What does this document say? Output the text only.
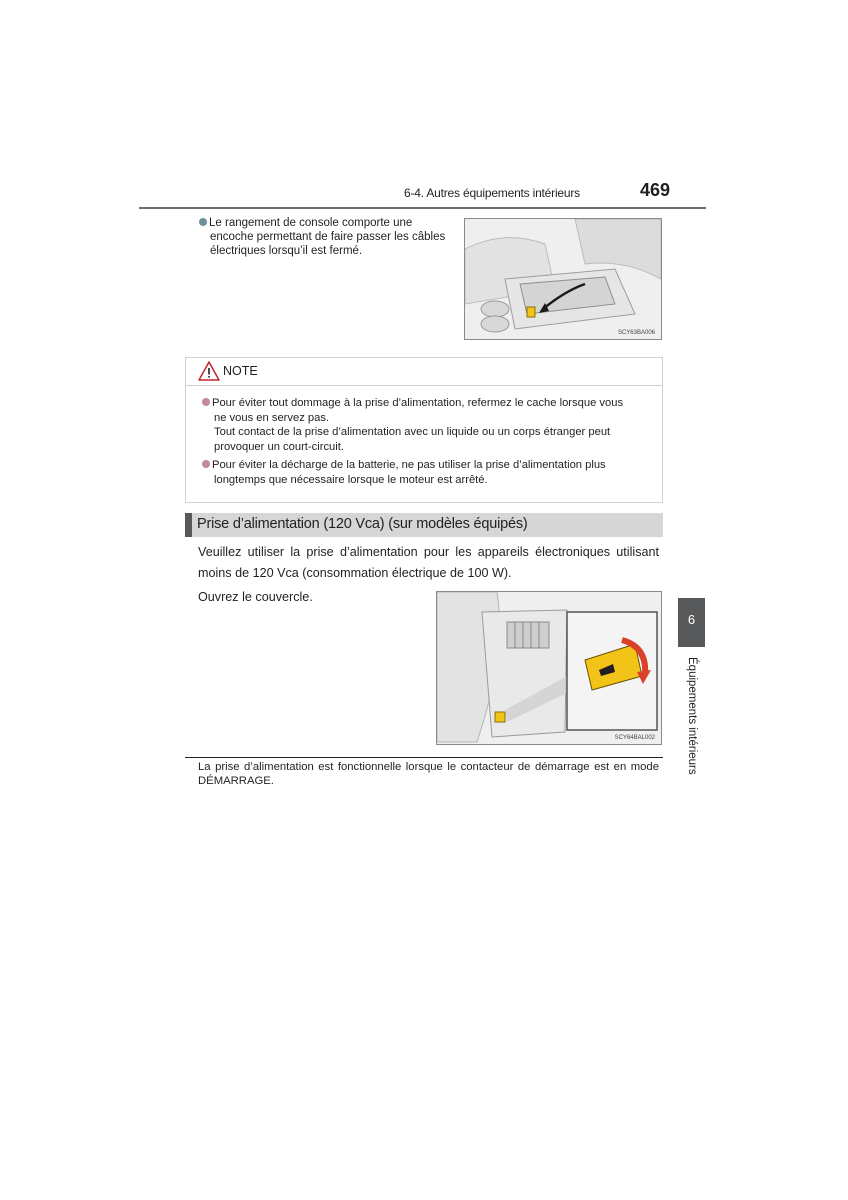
6-4. Autres équipements intérieurs	469
Le rangement de console comporte une
encoche permettant de faire passer les câbles
électriques lorsqu’il est fermé.
SCY63BA006
NOTE
Pour éviter tout dommage à la prise d’alimentation, refermez le cache lorsque vous
ne vous en servez pas.
Tout contact de la prise d’alimentation avec un liquide ou un corps étranger peut
provoquer un court-circuit.
Pour éviter la décharge de la batterie, ne pas utiliser la prise d’alimentation plus
longtemps que nécessaire lorsque le moteur est arrêté.
Prise d’alimentation (120 Vca) (sur modèles équipés)
Veuillez utiliser la prise d’alimentation pour les appareils électroniques utilisant moins de 120 Vca (consommation électrique de 100 W).
Ouvrez le couvercle.
SCY64BAL002
La prise d’alimentation est fonctionnelle lorsque le contacteur de démarrage est en mode DÉMARRAGE.
6
Équipements intérieurs
